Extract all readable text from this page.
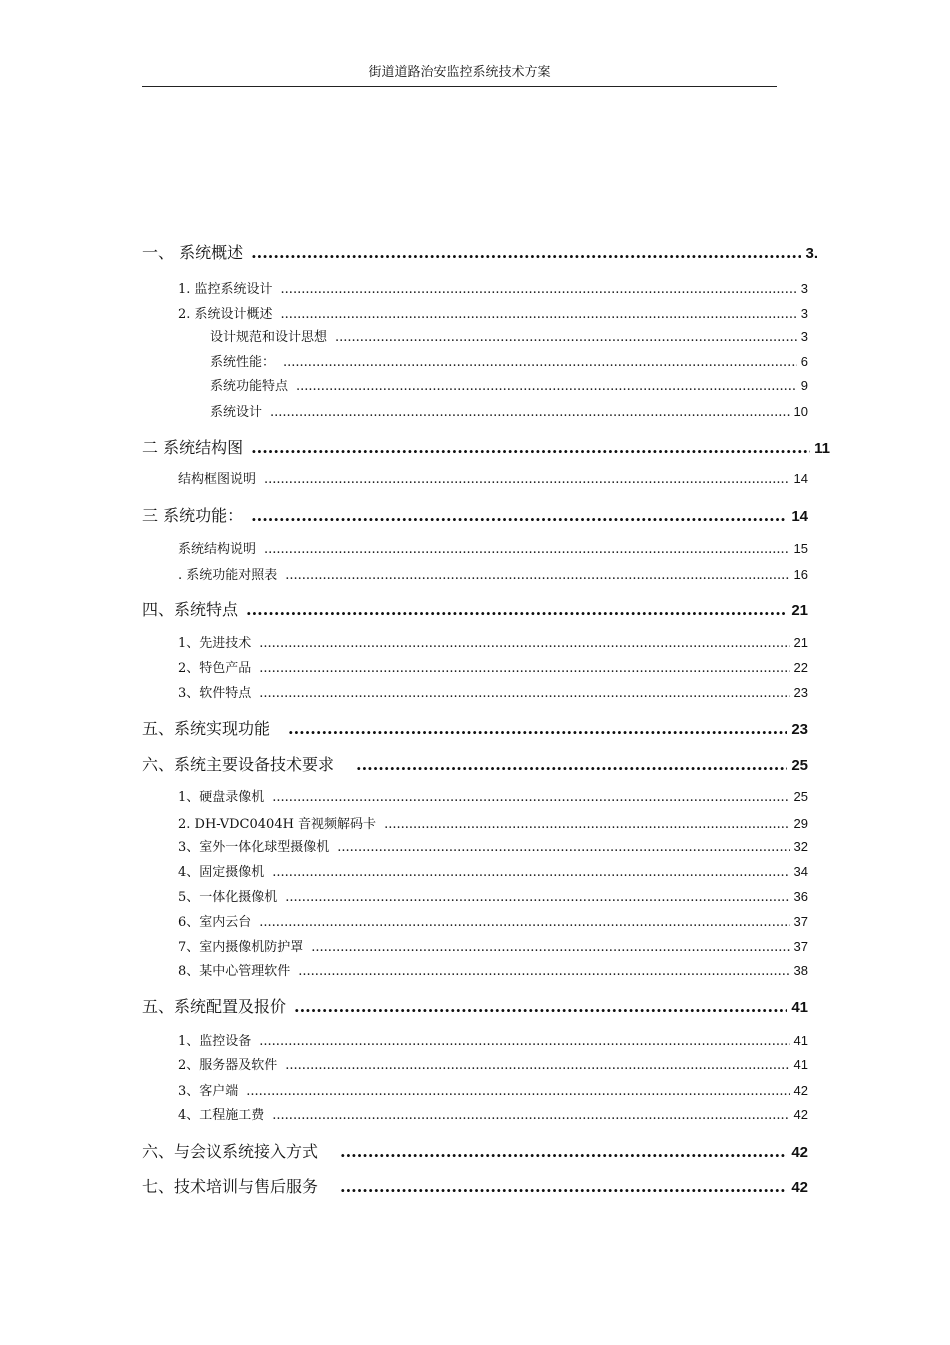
街道道路治安监控系统技术方案
一、 系统概述 .....	3.
1. 监控系统设计 .....	3
2. 系统设计概述 .....	3
设计规范和设计思想 .....	3
系统性能： .....	6
系统功能特点 .....	9
系统设计 .....	10
二 系统结构图 .....	11
结构框图说明 .....	14
三 系统功能： .....	14
系统结构说明 .....	15
. 系统功能对照表 .....	16
四、系统特点 .....	21
1、先进技术 .....	21
2、特色产品 .....	22
3、软件特点 .....	23
五、系统实现功能 .....	23
六、系统主要设备技术要求 .....	25
1、硬盘录像机 .....	25
2. DH-VDC0404H 音视频解码卡 .....	29
3、室外一体化球型摄像机 .....	32
4、固定摄像机 .....	34
5、一体化摄像机 .....	36
6、室内云台 .....	37
7、室内摄像机防护罩 .....	37
8、某中心管理软件 .....	38
五、系统配置及报价 .....	41
1、监控设备 .....	41
2、服务器及软件 .....	41
3、客户端 .....	42
4、工程施工费 .....	42
六、与会议系统接入方式 .....	42
七、技术培训与售后服务 .....	42
